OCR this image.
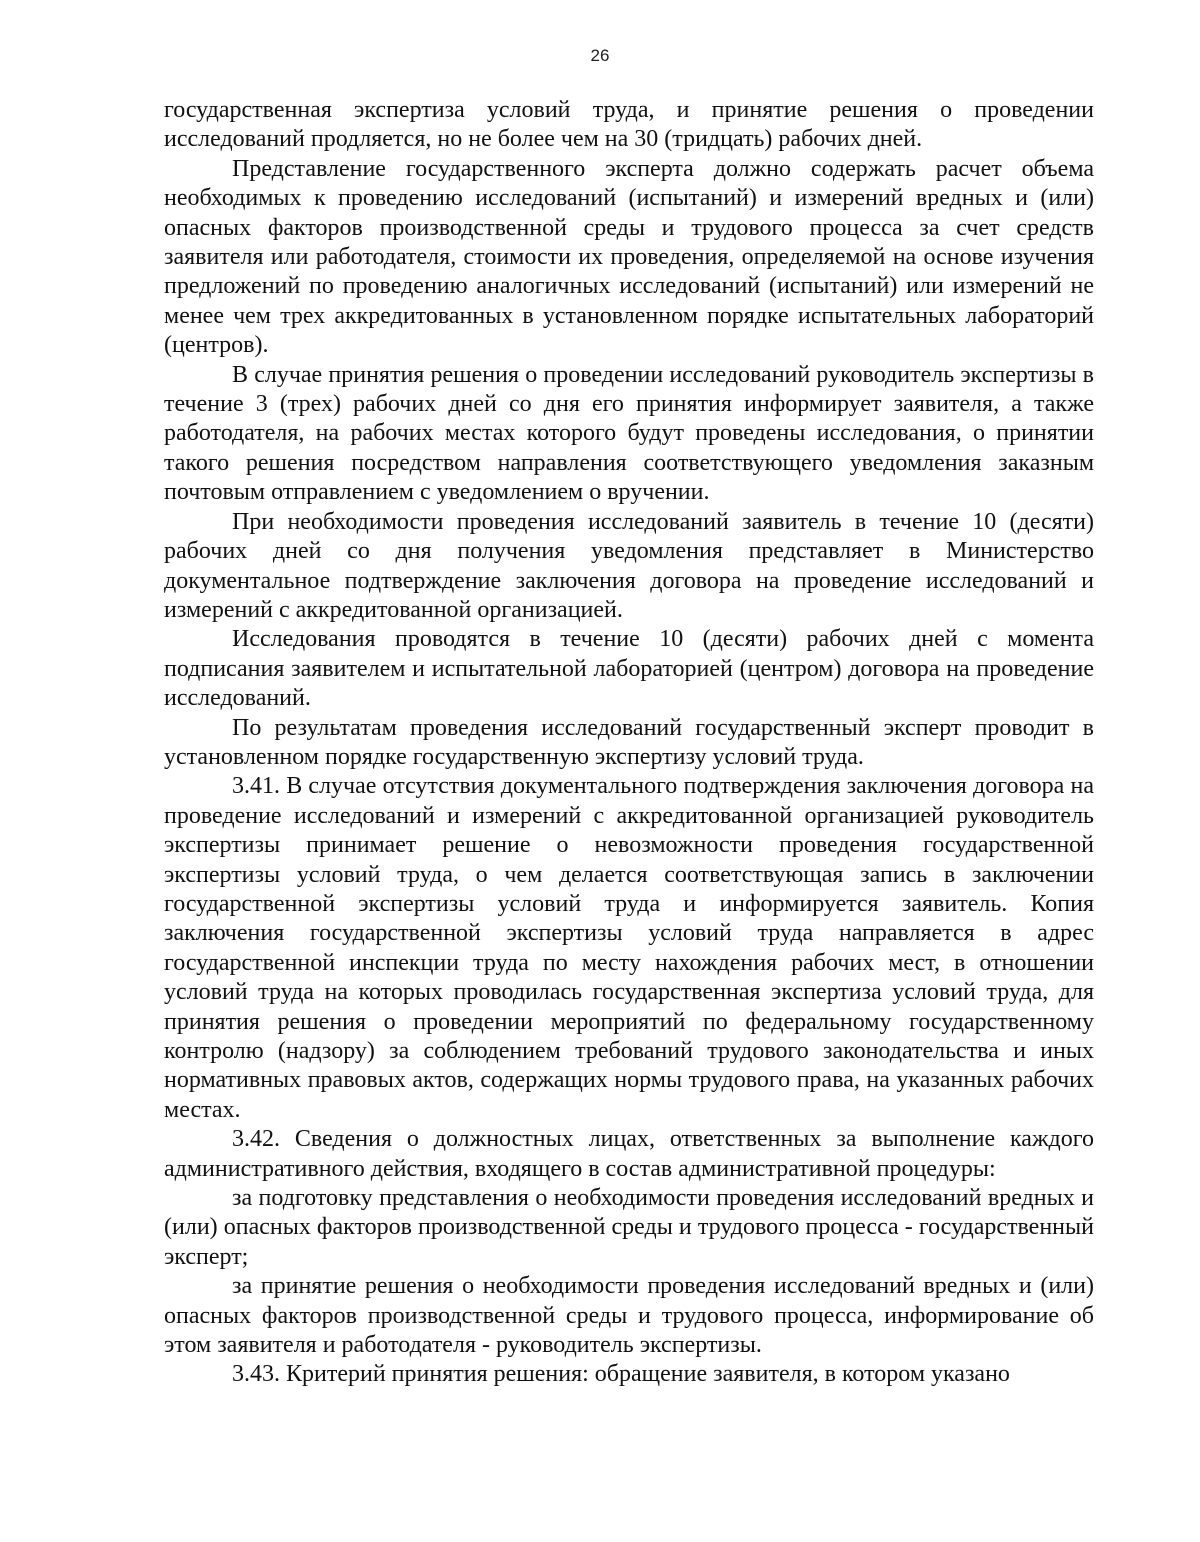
26

государственная экспертиза условий труда, и принятие решения о проведении исследований продляется, но не более чем на 30 (тридцать) рабочих дней.

Представление государственного эксперта должно содержать расчет объема необходимых к проведению исследований (испытаний) и измерений вредных и (или) опасных факторов производственной среды и трудового процесса за счет средств заявителя или работодателя, стоимости их проведения, определяемой на основе изучения предложений по проведению аналогичных исследований (испытаний) или измерений не менее чем трех аккредитованных в установленном порядке испытательных лабораторий (центров).

В случае принятия решения о проведении исследований руководитель экспертизы в течение 3 (трех) рабочих дней со дня его принятия информирует заявителя, а также работодателя, на рабочих местах которого будут проведены исследования, о принятии такого решения посредством направления соответствующего уведомления заказным почтовым отправлением с уведомлением о вручении.

При необходимости проведения исследований заявитель в течение 10 (десяти) рабочих дней со дня получения уведомления представляет в Министерство документальное подтверждение заключения договора на проведение исследований и измерений с аккредитованной организацией.

Исследования проводятся в течение 10 (десяти) рабочих дней с момента подписания заявителем и испытательной лабораторией (центром) договора на проведение исследований.

По результатам проведения исследований государственный эксперт проводит в установленном порядке государственную экспертизу условий труда.

3.41. В случае отсутствия документального подтверждения заключения договора на проведение исследований и измерений с аккредитованной организацией руководитель экспертизы принимает решение о невозможности проведения государственной экспертизы условий труда, о чем делается соответствующая запись в заключении государственной экспертизы условий труда и информируется заявитель. Копия заключения государственной экспертизы условий труда направляется в адрес государственной инспекции труда по месту нахождения рабочих мест, в отношении условий труда на которых проводилась государственная экспертиза условий труда, для принятия решения о проведении мероприятий по федеральному государственному контролю (надзору) за соблюдением требований трудового законодательства и иных нормативных правовых актов, содержащих нормы трудового права, на указанных рабочих местах.

3.42. Сведения о должностных лицах, ответственных за выполнение каждого административного действия, входящего в состав административной процедуры:

за подготовку представления о необходимости проведения исследований вредных и (или) опасных факторов производственной среды и трудового процесса - государственный эксперт;

за принятие решения о необходимости проведения исследований вредных и (или) опасных факторов производственной среды и трудового процесса, информирование об этом заявителя и работодателя - руководитель экспертизы.

3.43. Критерий принятия решения: обращение заявителя, в котором указано
